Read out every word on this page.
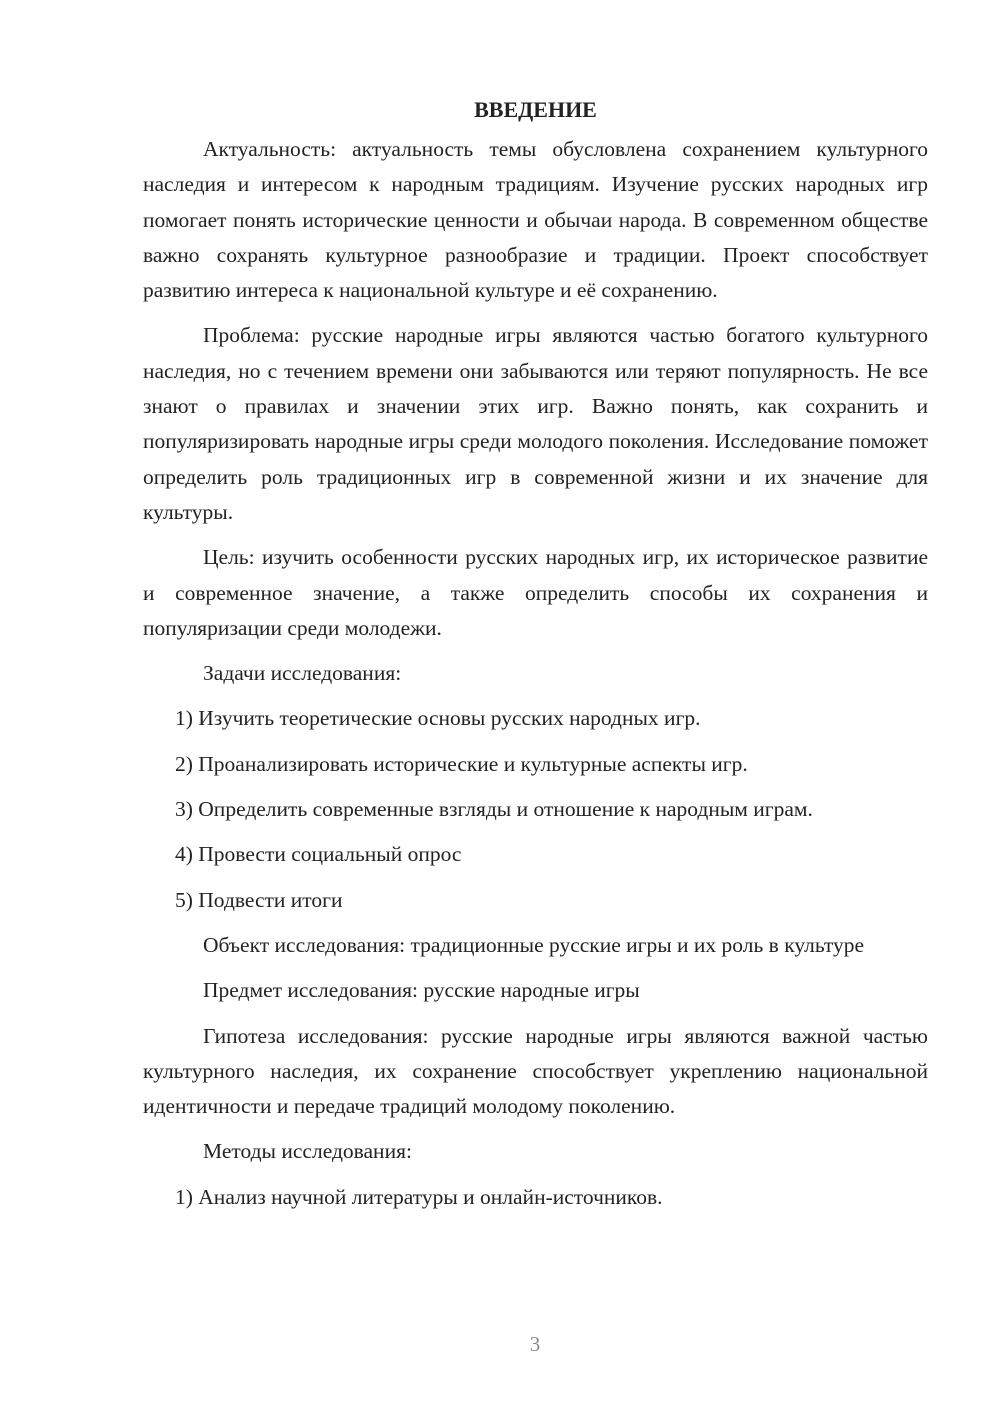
ВВЕДЕНИЕ

Актуальность: актуальность темы обусловлена сохранением культурного наследия и интересом к народным традициям. Изучение русских народных игр помогает понять исторические ценности и обычаи народа. В современном обществе важно сохранять культурное разнообразие и традиции. Проект способствует развитию интереса к национальной культуре и её сохранению.

Проблема: русские народные игры являются частью богатого культурного наследия, но с течением времени они забываются или теряют популярность. Не все знают о правилах и значении этих игр. Важно понять, как сохранить и популяризировать народные игры среди молодого поколения. Исследование поможет определить роль традиционных игр в современной жизни и их значение для культуры.

Цель: изучить особенности русских народных игр, их историческое развитие и современное значение, а также определить способы их сохранения и популяризации среди молодежи.

Задачи исследования:
1) Изучить теоретические основы русских народных игр.
2) Проанализировать исторические и культурные аспекты игр.
3) Определить современные взгляды и отношение к народным играм.
4) Провести социальный опрос
5) Подвести итоги

Объект исследования: традиционные русские игры и их роль в культуре

Предмет исследования: русские народные игры

Гипотеза исследования: русские народные игры являются важной частью культурного наследия, их сохранение способствует укреплению национальной идентичности и передаче традиций молодому поколению.

Методы исследования:
1) Анализ научной литературы и онлайн-источников.
3
